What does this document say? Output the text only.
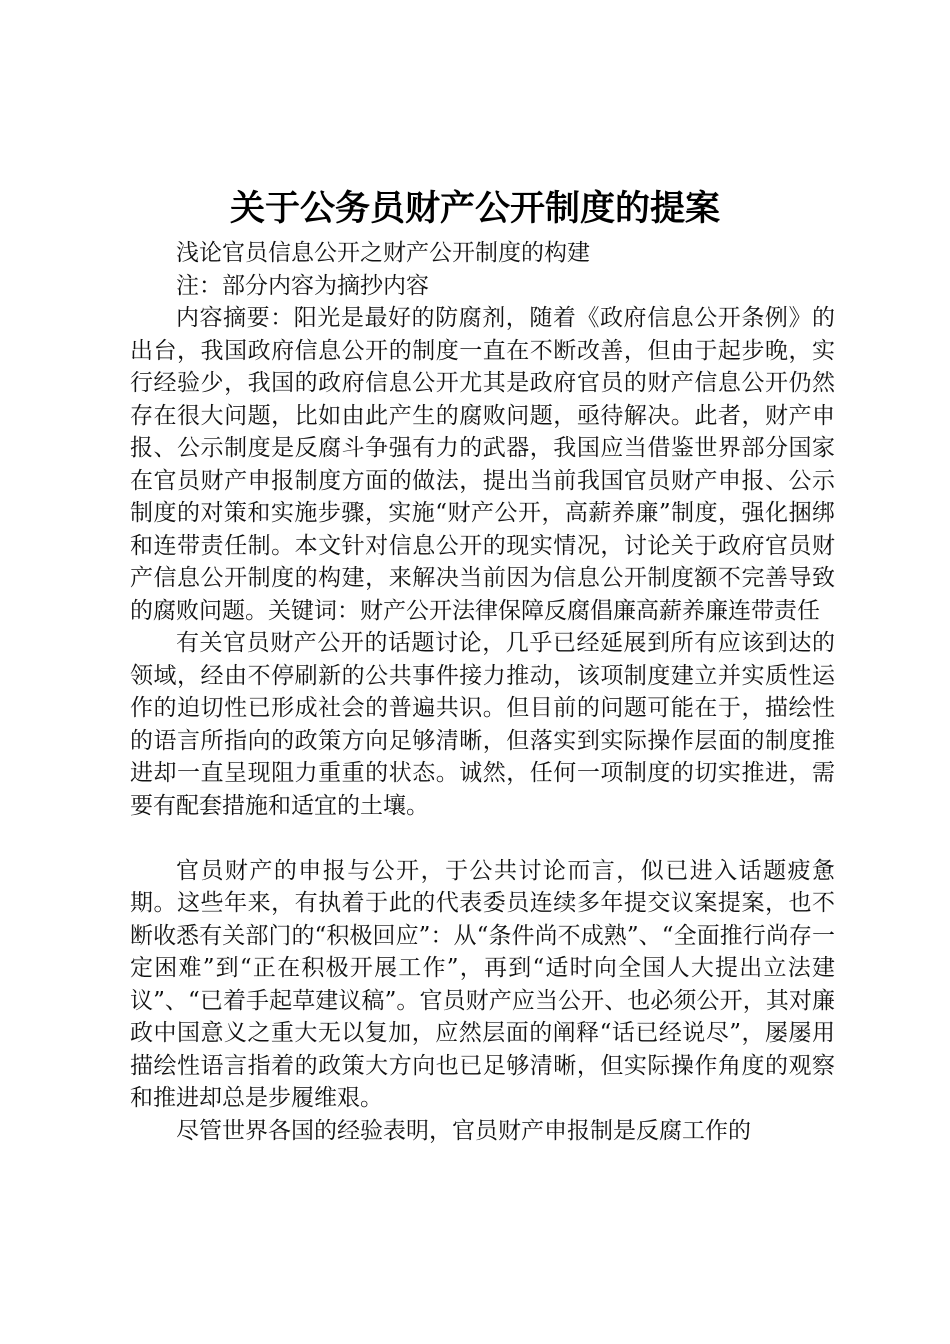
关于公务员财产公开制度的提案

浅论官员信息公开之财产公开制度的构建

注：部分内容为摘抄内容

内容摘要：阳光是最好的防腐剂，随着《政府信息公开条例》的出台，我国政府信息公开的制度一直在不断改善，但由于起步晚，实行经验少，我国的政府信息公开尤其是政府官员的财产信息公开仍然存在很大问题，比如由此产生的腐败问题，亟待解决。此者，财产申报、公示制度是反腐斗争强有力的武器，我国应当借鉴世界部分国家在官员财产申报制度方面的做法，提出当前我国官员财产申报、公示制度的对策和实施步骤，实施“财产公开，高薪养廉”制度，强化捆绑和连带责任制。本文针对信息公开的现实情况，讨论关于政府官员财产信息公开制度的构建，来解决当前因为信息公开制度额不完善导致的腐败问题。关键词：财产公开法律保障反腐倡廉高薪养廉连带责任

有关官员财产公开的话题讨论，几乎已经延展到所有应该到达的领域，经由不停刷新的公共事件接力推动，该项制度建立并实质性运作的迫切性已形成社会的普遍共识。但目前的问题可能在于，描绘性的语言所指向的政策方向足够清晰，但落实到实际操作层面的制度推进却一直呈现阻力重重的状态。诚然，任何一项制度的切实推进，需要有配套措施和适宜的土壤。

官员财产的申报与公开，于公共讨论而言，似已进入话题疲惫期。这些年来，有执着于此的代表委员连续多年提交议案提案，也不断收悉有关部门的“积极回应”：从“条件尚不成熟”、“全面推行尚存一定困难”到“正在积极开展工作”，再到“适时向全国人大提出立法建议”、“已着手起草建议稿”。官员财产应当公开、也必须公开，其对廉政中国意义之重大无以复加，应然层面的阐释“话已经说尽”，屡屡用描绘性语言指着的政策大方向也已足够清晰，但实际操作角度的观察和推进却总是步履维艰。

尽管世界各国的经验表明，官员财产申报制是反腐工作的
